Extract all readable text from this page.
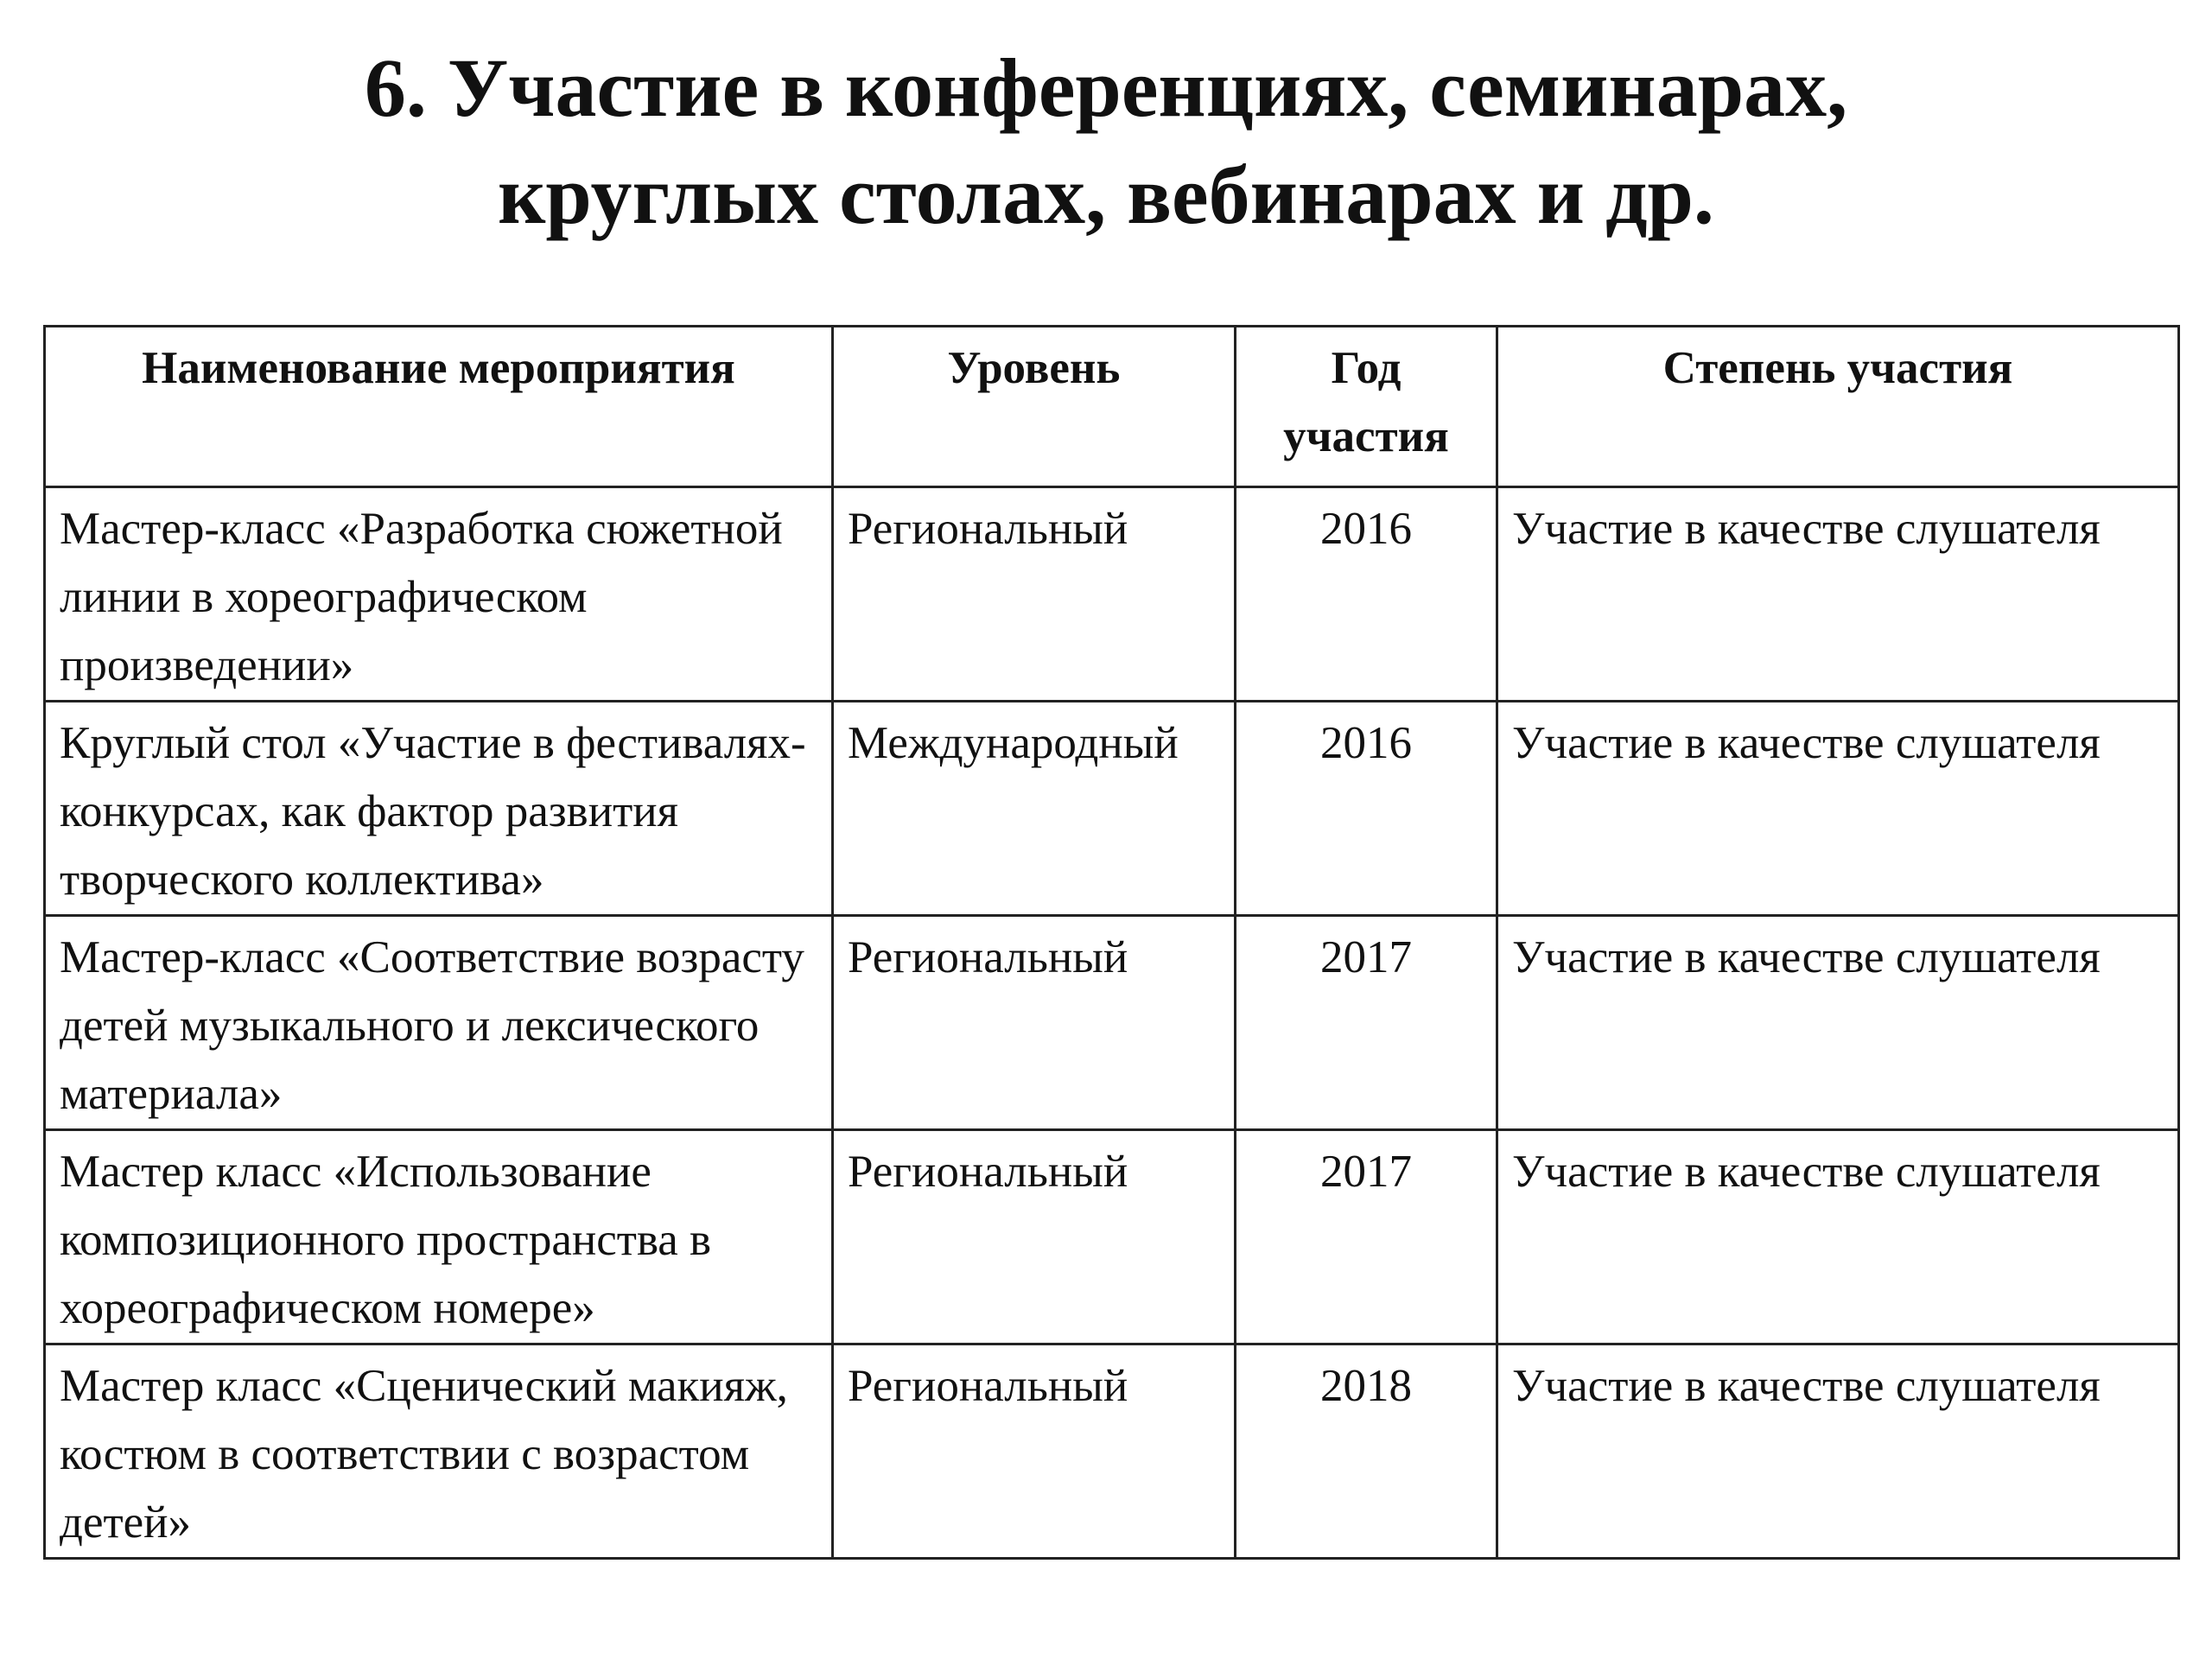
6. Участие в конференциях, семинарах,
круглых столах, вебинарах и др.
Наименование мероприятия	Уровень	Год участия	Степень участия
Мастер-класс «Разработка сюжетной линии в хореографическом произведении»	Региональный	2016	Участие в качестве слушателя
Круглый стол «Участие в фестивалях-конкурсах, как фактор развития творческого коллектива»	Международный	2016	Участие в качестве слушателя
Мастер-класс «Соответствие возрасту детей музыкального и лексического материала»	Региональный	2017	Участие в качестве слушателя
Мастер класс «Использование композиционного пространства в хореографическом номере»	Региональный	2017	Участие в качестве слушателя
Мастер класс «Сценический макияж, костюм в соответствии с возрастом детей»	Региональный	2018	Участие в качестве слушателя
